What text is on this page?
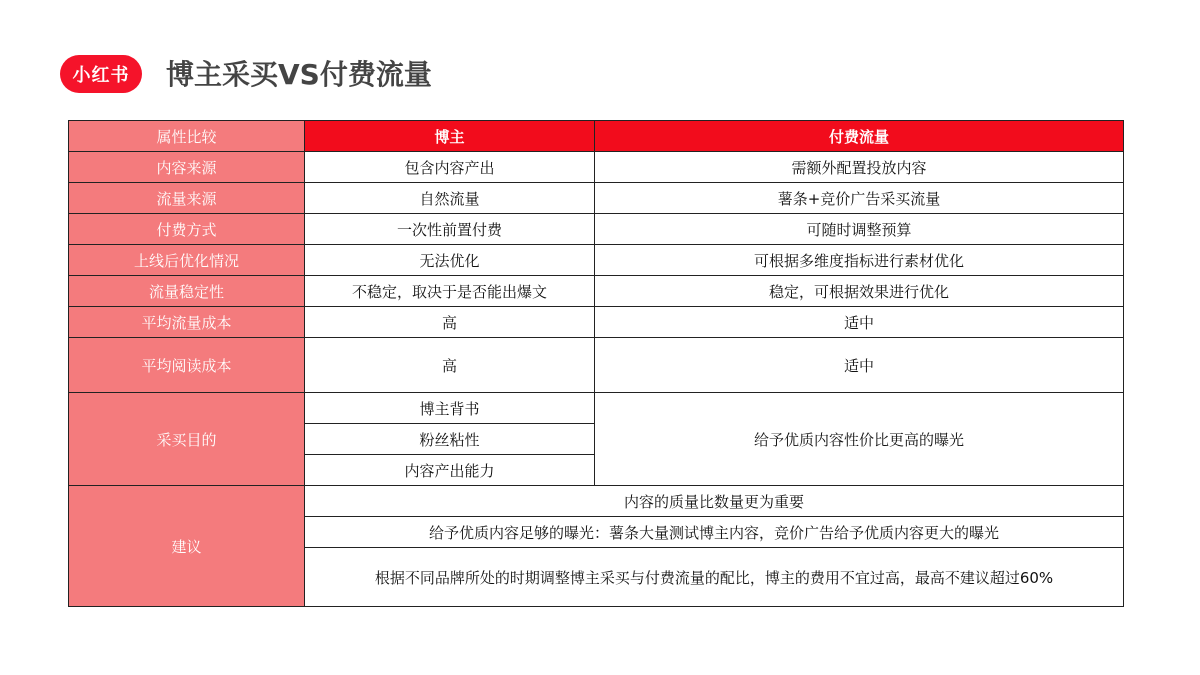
小红书	博主采买VS付费流量
属性比较	博主	付费流量
内容来源	包含内容产出	需额外配置投放内容
流量来源	自然流量	薯条+竞价广告采买流量
付费方式	一次性前置付费	可随时调整预算
上线后优化情况	无法优化	可根据多维度指标进行素材优化
流量稳定性	不稳定，取决于是否能出爆文	稳定，可根据效果进行优化
平均流量成本	高	适中
平均阅读成本	高	适中
采买目的	博主背书	给予优质内容性价比更高的曝光
	粉丝粘性	
	内容产出能力	
建议	内容的质量比数量更为重要	
	给予优质内容足够的曝光：薯条大量测试博主内容，竞价广告给予优质内容更大的曝光	
	根据不同品牌所处的时期调整博主采买与付费流量的配比，博主的费用不宜过高，最高不建议超过60%	
